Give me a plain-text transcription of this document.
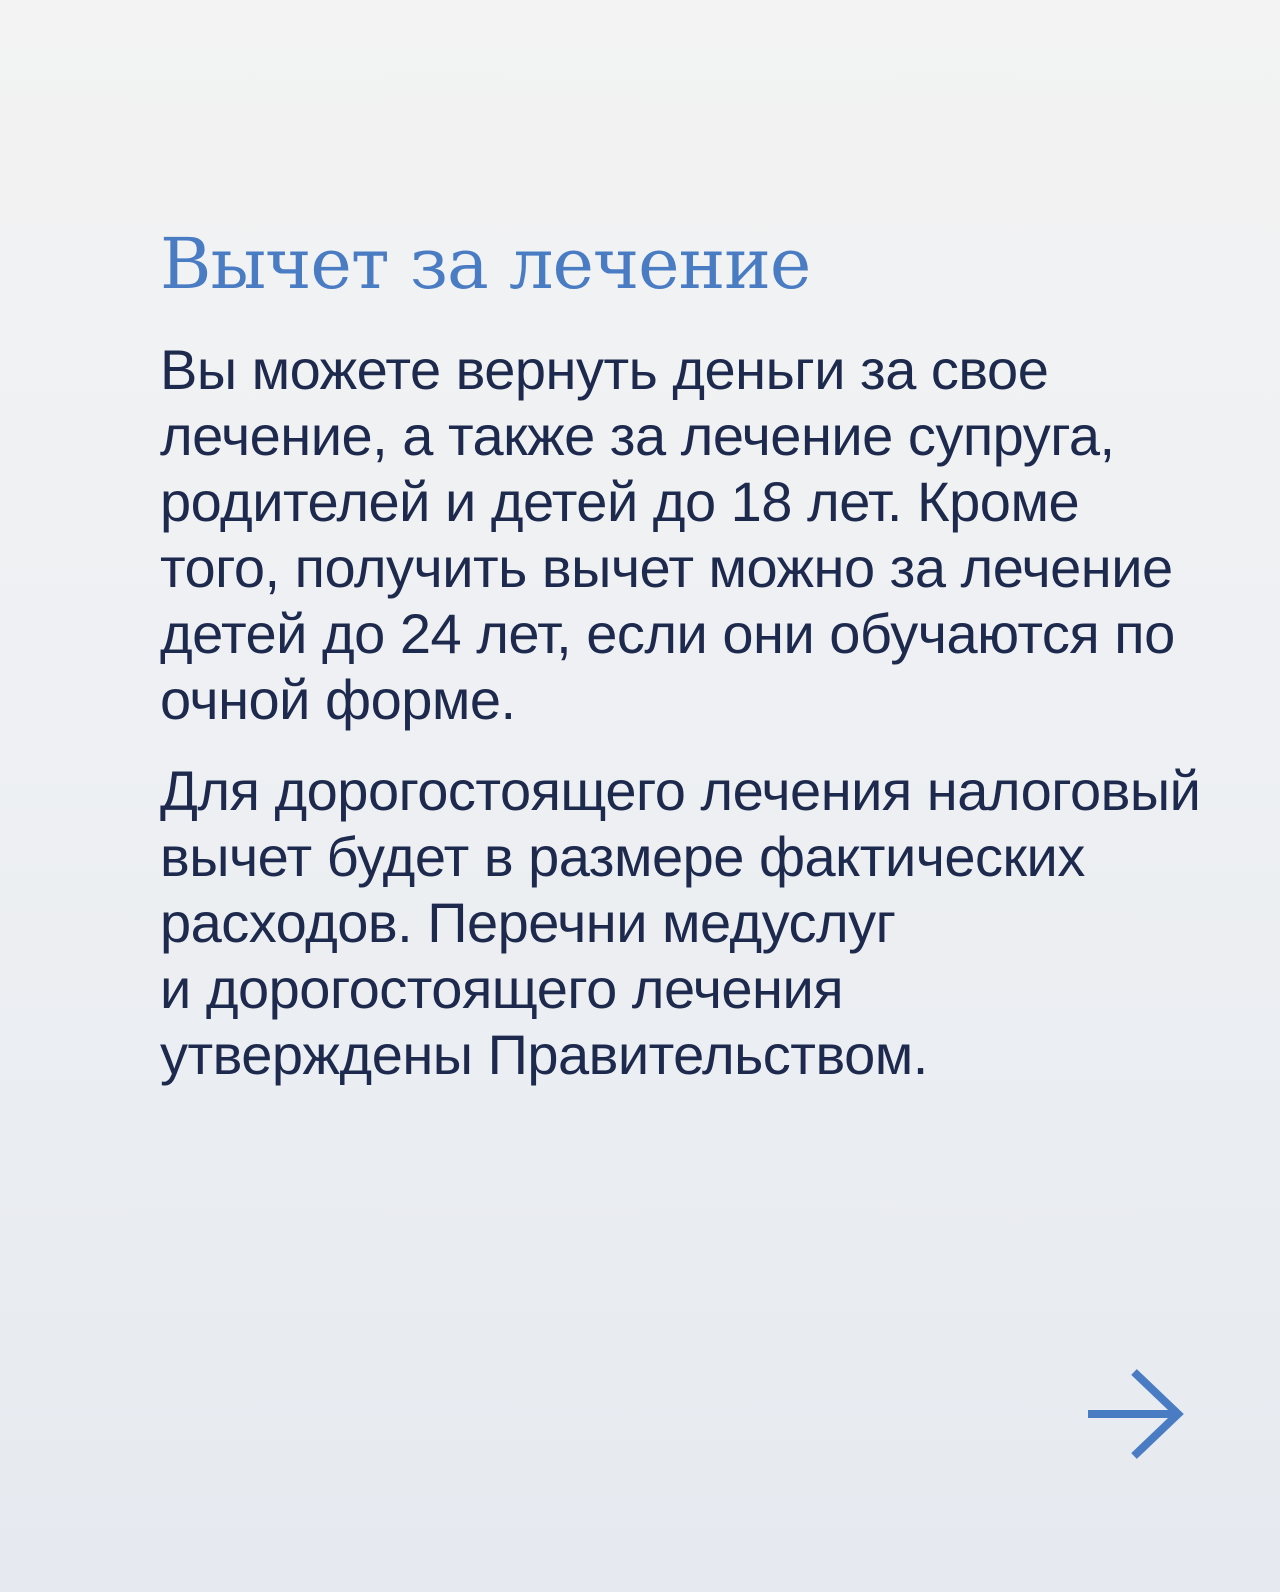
Вычет за лечение

Вы можете вернуть деньги за свое
лечение, а также за лечение супруга,
родителей и детей до 18 лет. Кроме
того, получить вычет можно за лечение
детей до 24 лет, если они обучаются по
очной форме.

Для дорогостоящего лечения налоговый
вычет будет в размере фактических
расходов. Перечни медуслуг
и дорогостоящего лечения
утверждены Правительством.
